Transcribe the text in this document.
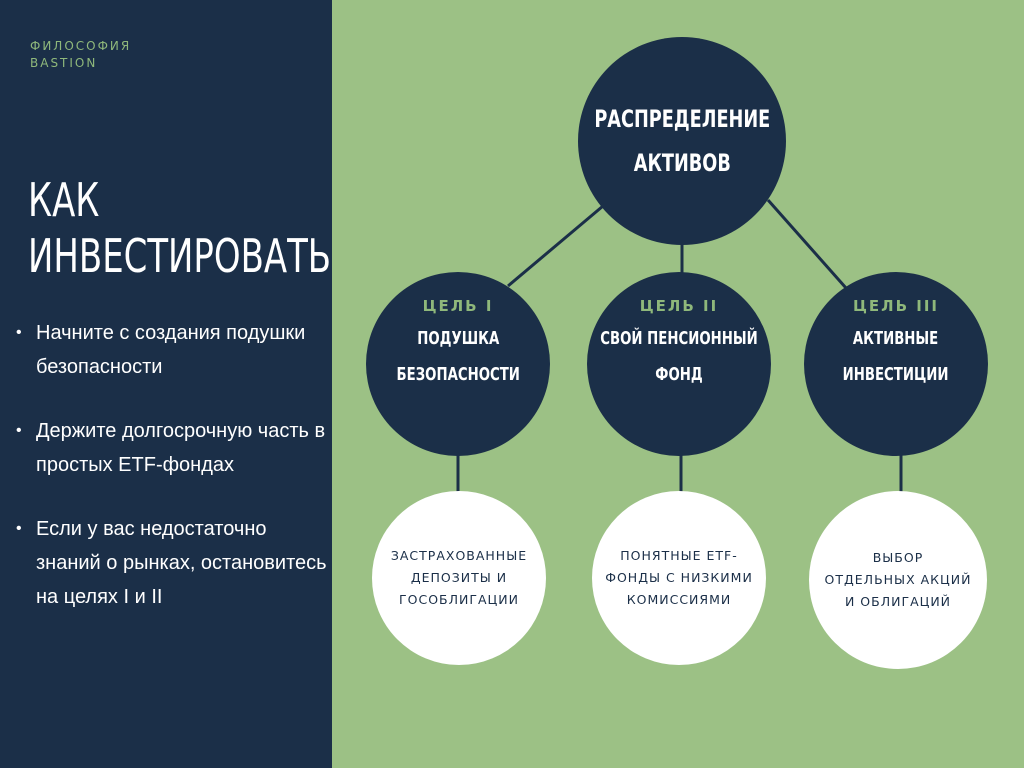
ФИЛОСОФИЯ
BASTION
КАК
ИНВЕСТИРОВАТЬ
• Начните с создания подушки безопасности
• Держите долгосрочную часть в простых ETF-фондах
• Если у вас недостаточно знаний о рынках, остановитесь на целях I и II
РАСПРЕДЕЛЕНИЕ
АКТИВОВ
ЦЕЛЬ I
ПОДУШКА
БЕЗОПАСНОСТИ
ЦЕЛЬ II
СВОЙ ПЕНСИОННЫЙ
ФОНД
ЦЕЛЬ III
АКТИВНЫЕ
ИНВЕСТИЦИИ
ЗАСТРАХОВАННЫЕ
ДЕПОЗИТЫ И
ГОСОБЛИГАЦИИ
ПОНЯТНЫЕ ETF-
ФОНДЫ С НИЗКИМИ
КОМИССИЯМИ
ВЫБОР
ОТДЕЛЬНЫХ АКЦИЙ
И ОБЛИГАЦИЙ
